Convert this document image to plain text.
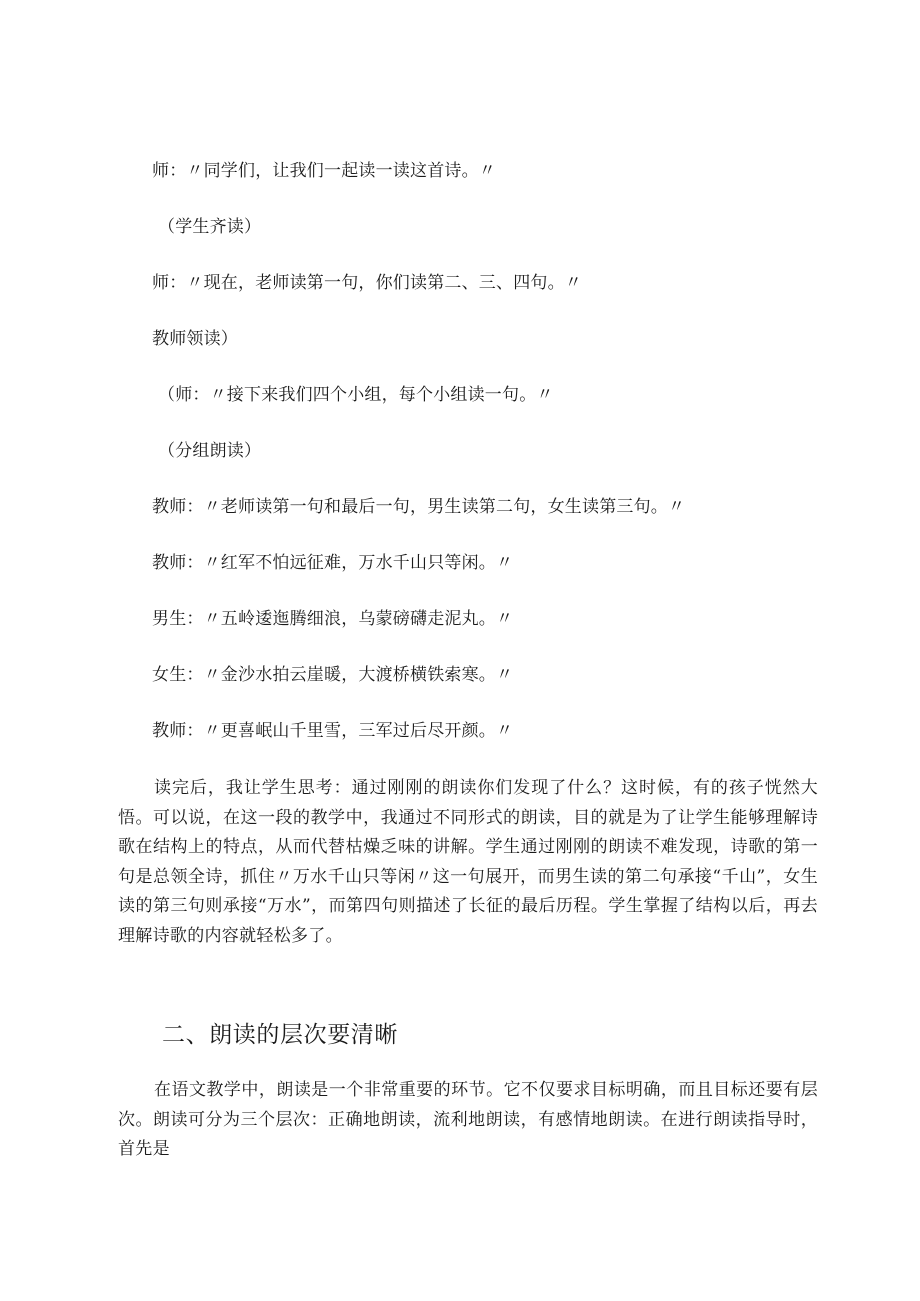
师：〃同学们，让我们一起读一读这首诗。〃
（学生齐读）
师：〃现在，老师读第一句，你们读第二、三、四句。〃
教师领读）
（师：〃接下来我们四个小组，每个小组读一句。〃
（分组朗读）
教师：〃老师读第一句和最后一句，男生读第二句，女生读第三句。〃
教师：〃红军不怕远征难，万水千山只等闲。〃
男生：〃五岭逶迤腾细浪，乌蒙磅礴走泥丸。〃
女生：〃金沙水拍云崖暖，大渡桥横铁索寒。〃
教师：〃更喜岷山千里雪，三军过后尽开颜。〃

读完后，我让学生思考：通过刚刚的朗读你们发现了什么？这时候，有的孩子恍然大悟。可以说，在这一段的教学中，我通过不同形式的朗读，目的就是为了让学生能够理解诗歌在结构上的特点，从而代替枯燥乏味的讲解。学生通过刚刚的朗读不难发现，诗歌的第一句是总领全诗，抓住〃万水千山只等闲〃这一句展开，而男生读的第二句承接“千山”，女生读的第三句则承接“万水”，而第四句则描述了长征的最后历程。学生掌握了结构以后，再去理解诗歌的内容就轻松多了。

二、朗读的层次要清晰

在语文教学中，朗读是一个非常重要的环节。它不仅要求目标明确，而且目标还要有层次。朗读可分为三个层次：正确地朗读，流利地朗读，有感情地朗读。在进行朗读指导时，首先是
